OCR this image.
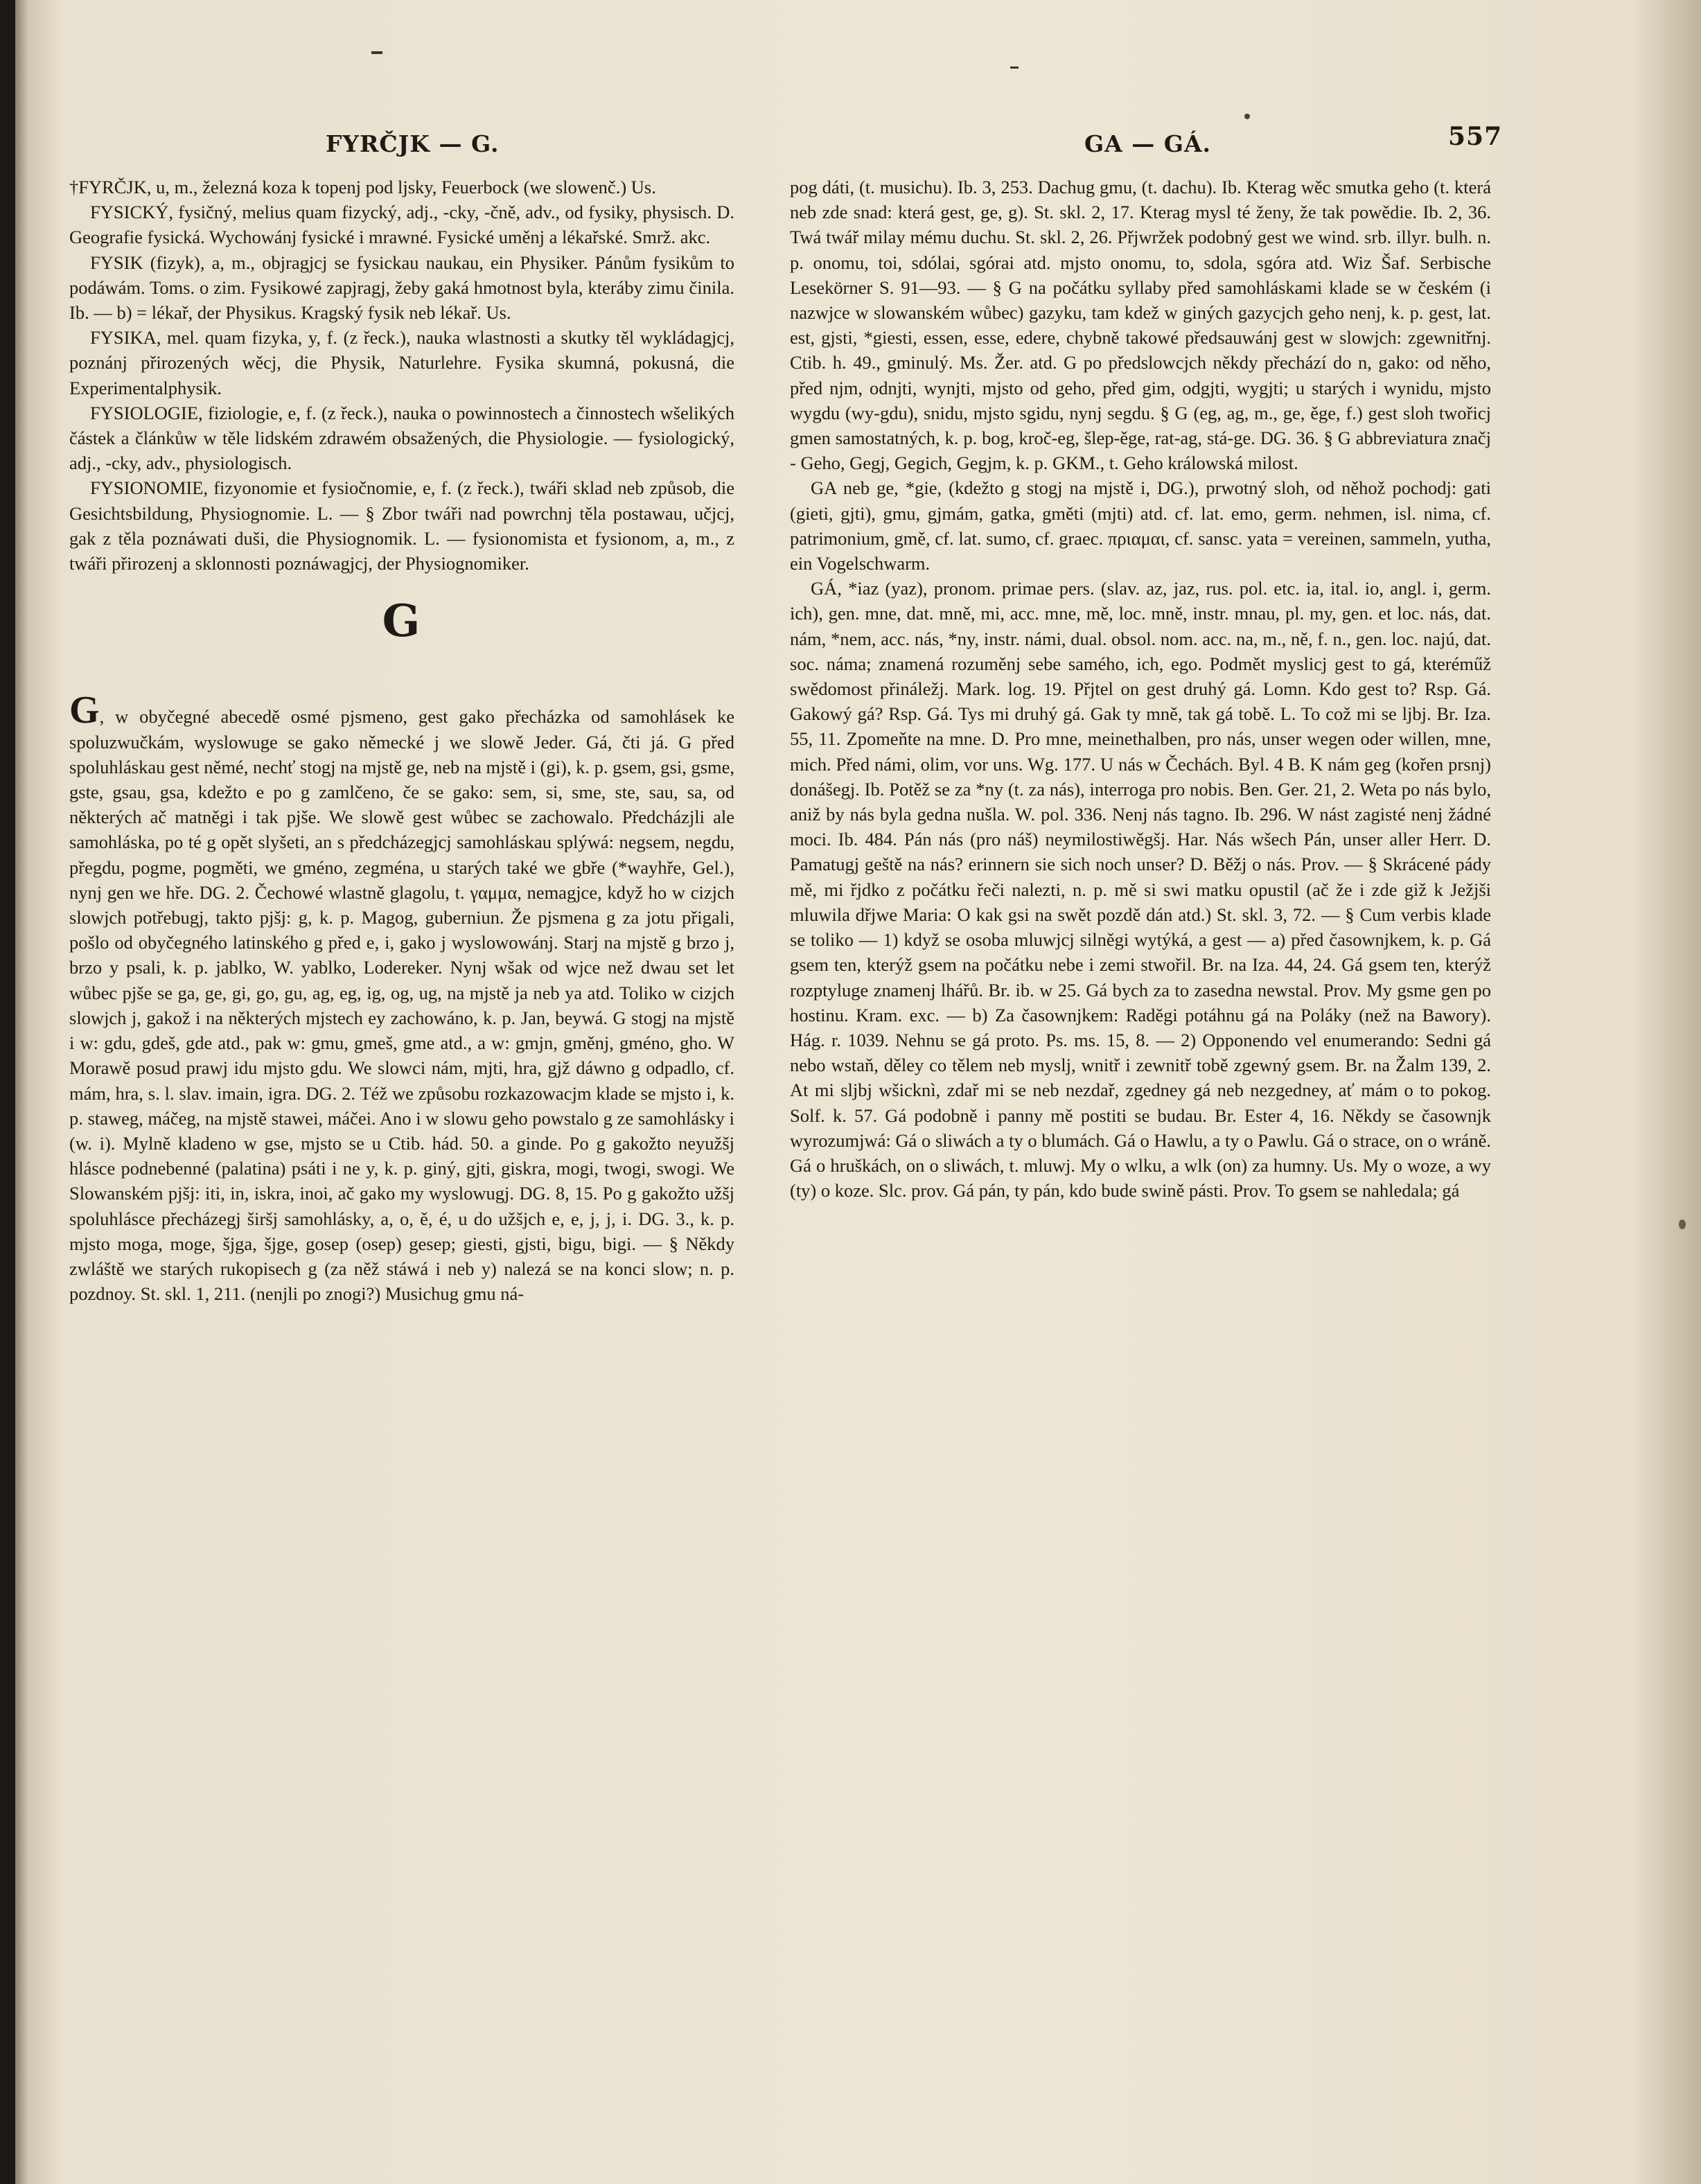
FYRČJK — G.	GA — GÁ.	557

†FYRČJK, u, m., železná koza k topenj pod ljsky, Feuerbock (we slowenč.) Us.

FYSICKÝ, fysičný, melius quam fizycký, adj., -cky, -čně, adv., od fysiky, physisch. D. Geografie fysická. Wychowánj fysické i mrawné. Fysické uměnj a lékařské. Smrž. akc.

FYSIK (fizyk), a, m., objragjcj se fysickau naukau, ein Physiker. Pánům fysikům to podáwám. Toms. o zim. Fysikowé zapjragj, žeby gaká hmotnost byla, kteráby zimu činila. Ib. — b) = lékař, der Physikus. Kragský fysik neb lékař. Us.

FYSIKA, mel. quam fizyka, y, f. (z řeck.), nauka wlastnosti a skutky těl wykládagjcj, poznánj přirozených wěcj, die Physik, Naturlehre. Fysika skumná, pokusná, die Experimentalphysik.

FYSIOLOGIE, fiziologie, e, f. (z řeck.), nauka o powinnostech a činnostech wšelikých částek a článkůw w těle lidském zdrawém obsažených, die Physiologie. — fysiologický, adj., -cky, adv., physiologisch.

FYSIONOMIE, fizyonomie et fysiočnomie, e, f. (z řeck.), twáři sklad neb způsob, die Gesichtsbildung, Physiognomie. L. — § Zbor twáři nad powrchnj těla postawau, učjcj, gak z těla poznáwati duši, die Physiognomik. L. — fysionomista et fysionom, a, m., z twáři přirozenj a sklonnosti poznáwagjcj, der Physiognomiker.

G

G, w obyčegné abecedě osmé pjsmeno, gest gako přecházka od samohlásek ke spoluzwučkám, wyslowuge se gako německé j we slowě Jeder. Gá, čti já. G před spoluhláskau gest němé, nechť stogj na mjstě ge, neb na mjstě i (gi), k. p. gsem, gsi, gsme, gste, gsau, gsa, kdežto e po g zamlčeno, če se gako: sem, si, sme, ste, sau, sa, od některých ač matněgi i tak pjše. We slowě gest wůbec se zachowalo. Předcházjli ale samohláska, po té g opět slyšeti, an s předcházegjcj samohláskau splýwá: negsem, negdu, přegdu, pogme, pogměti, we gméno, zegména, u starých také we gbře (*wayhře, Gel.), nynj gen we hře. DG. 2. Čechowé wlastně glagolu, t. γαμμα, nemagjce, když ho w cizjch slowjch potřebugj, takto pjšj: g, k. p. Magog, guberniun. Že pjsmena g za jotu přigali, pošlo od obyčegného latinského g před e, i, gako j wyslowowánj. Starj na mjstě g brzo j, brzo y psali, k. p. jablko, W. yablko, Lodereker. Nynj wšak od wjce než dwau set let wůbec pjše se ga, ge, gi, go, gu, ag, eg, ig, og, ug, na mjstě ja neb ya atd. Toliko w cizjch slowjch j, gakož i na některých mjstech ey zachowáno, k. p. Jan, beywá. G stogj na mjstě i w: gdu, gdeš, gde atd., pak w: gmu, gmeš, gme atd., a w: gmjn, gměnj, gméno, gho. W Morawě posud prawj idu mjsto gdu. We slowci nám, mjti, hra, gjž dáwno g odpadlo, cf. mám, hra, s. l. slav. imain, igra. DG. 2. Též we způsobu rozkazowacjm klade se mjsto i, k. p. staweg, máčeg, na mjstě stawei, máčei. Ano i w slowu geho powstalo g ze samohlásky i (w. i). Mylně kladeno w gse, mjsto se u Ctib. hád. 50. a ginde. Po g gakožto neyužšj hlásce podnebenné (palatina) psáti i ne y, k. p. giný, gjti, giskra, mogi, twogi, swogi. We Slowanském pjšj: iti, in, iskra, inoi, ač gako my wyslowugj. DG. 8, 15. Po g gakožto užšj spoluhlásce přecházegj širšj samohlásky, a, o, ě, é, u do užšjch e, e, j, j, i. DG. 3., k. p. mjsto moga, moge, šjga, šjge, gosep (osep) gesep; giesti, gjsti, bigu, bigi. — § Někdy zwláště we starých rukopisech g (za něž stáwá i neb y) nalezá se na konci slow; n. p. pozdnoy. St. skl. 1, 211. (nenjli po znogi?) Musichug gmu ná-

pog dáti, (t. musichu). Ib. 3, 253. Dachug gmu, (t. dachu). Ib. Kterag wěc smutka geho (t. která neb zde snad: která gest, ge, g). St. skl. 2, 17. Kterag mysl té ženy, že tak powědie. Ib. 2, 36. Twá twář milay mému duchu. St. skl. 2, 26. Přjwržek podobný gest we wind. srb. illyr. bulh. n. p. onomu, toi, sdólai, sgórai atd. mjsto onomu, to, sdola, sgóra atd. Wiz Šaf. Serbische Lesekörner S. 91—93. — § G na počátku syllaby před samohláskami klade se w českém (i nazwjce w slowanském wůbec) gazyku, tam kdež w giných gazycjch geho nenj, k. p. gest, lat. est, gjsti, *giesti, essen, esse, edere, chybně takowé předsauwánj gest w slowjch: zgewnitřnj. Ctib. h. 49., gminulý. Ms. Žer. atd. G po předslowcjch někdy přechází do n, gako: od něho, před njm, odnjti, wynjti, mjsto od geho, před gim, odgjti, wygjti; u starých i wynidu, mjsto wygdu (wy-gdu), snidu, mjsto sgidu, nynj segdu. § G (eg, ag, m., ge, ěge, f.) gest sloh twořicj gmen samostatných, k. p. bog, kroč-eg, šlep-ěge, rat-ag, stá-ge. DG. 36. § G abbreviatura značj - Geho, Gegj, Gegich, Gegjm, k. p. GKM., t. Geho králowská milost.

GA neb ge, *gie, (kdežto g stogj na mjstě i, DG.), prwotný sloh, od něhož pochodj: gati (gieti, gjti), gmu, gjmám, gatka, gměti (mjti) atd. cf. lat. emo, germ. nehmen, isl. nima, cf. patrimonium, gmě, cf. lat. sumo, cf. graec. πριαμαι, cf. sansc. yata = vereinen, sammeln, yutha, ein Vogelschwarm.

GÁ, *iaz (yaz), pronom. primae pers. (slav. az, jaz, rus. pol. etc. ia, ital. io, angl. i, germ. ich), gen. mne, dat. mně, mi, acc. mne, mě, loc. mně, instr. mnau, pl. my, gen. et loc. nás, dat. nám, *nem, acc. nás, *ny, instr. námi, dual. obsol. nom. acc. na, m., ně, f. n., gen. loc. najú, dat. soc. náma; znamená rozuměnj sebe samého, ich, ego. Podmět myslicj gest to gá, kteréműž swědomost přináležj. Mark. log. 19. Přjtel on gest druhý gá. Lomn. Kdo gest to? Rsp. Gá. Gakowý gá? Rsp. Gá. Tys mi druhý gá. Gak ty mně, tak gá tobě. L. To což mi se ljbj. Br. Iza. 55, 11. Zpomeňte na mne. D. Pro mne, meinethalben, pro nás, unser wegen oder willen, mne, mich. Před námi, olim, vor uns. Wg. 177. U nás w Čechách. Byl. 4 B. K nám geg (kořen prsnj) donášegj. Ib. Potěž se za *ny (t. za nás), interroga pro nobis. Ben. Ger. 21, 2. Weta po nás bylo, aniž by nás byla gedna nušla. W. pol. 336. Nenj nás tagno. Ib. 296. W nást zagisté nenj žádné moci. Ib. 484. Pán nás (pro náš) neymilostiwěgšj. Har. Nás wšech Pán, unser aller Herr. D. Pamatugj geště na nás? erinnern sie sich noch unser? D. Běžj o nás. Prov. — § Skrácené pády mě, mi řjdko z počátku řeči nalezti, n. p. mě si swi matku opustil (ač že i zde giž k Ježjši mluwila dřjwe Maria: O kak gsi na swět pozdě dán atd.) St. skl. 3, 72. — § Cum verbis klade se toliko — 1) když se osoba mluwjcj silněgi wytýká, a gest — a) před časownjkem, k. p. Gá gsem ten, kterýž gsem na počátku nebe i zemi stwořil. Br. na Iza. 44, 24. Gá gsem ten, kterýž rozptyluge znamenj lhářů. Br. ib. w 25. Gá bych za to zasedna newstal. Prov. My gsme gen po hostinu. Kram. exc. — b) Za časownjkem: Raděgi potáhnu gá na Poláky (než na Bawory). Hág. r. 1039. Nehnu se gá proto. Ps. ms. 15, 8. — 2) Opponendo vel enumerando: Sedni gá nebo wstaň, děley co tělem neb myslj, wnitř i zewnitř tobě zgewný gsem. Br. na Žalm 139, 2. At mi sljbj wšicknì, zdař mi se neb nezdař, zgedney gá neb nezgedney, ať mám o to pokog. Solf. k. 57. Gá podobně i panny mě postiti se budau. Br. Ester 4, 16. Někdy se časownjk wyrozumjwá: Gá o sliwách a ty o blumách. Gá o Hawlu, a ty o Pawlu. Gá o strace, on o wráně. Gá o hruškách, on o sliwách, t. mluwj. My o wlku, a wlk (on) za humny. Us. My o woze, a wy (ty) o koze. Slc. prov. Gá pán, ty pán, kdo bude swině pásti. Prov. To gsem se nahledala; gá
